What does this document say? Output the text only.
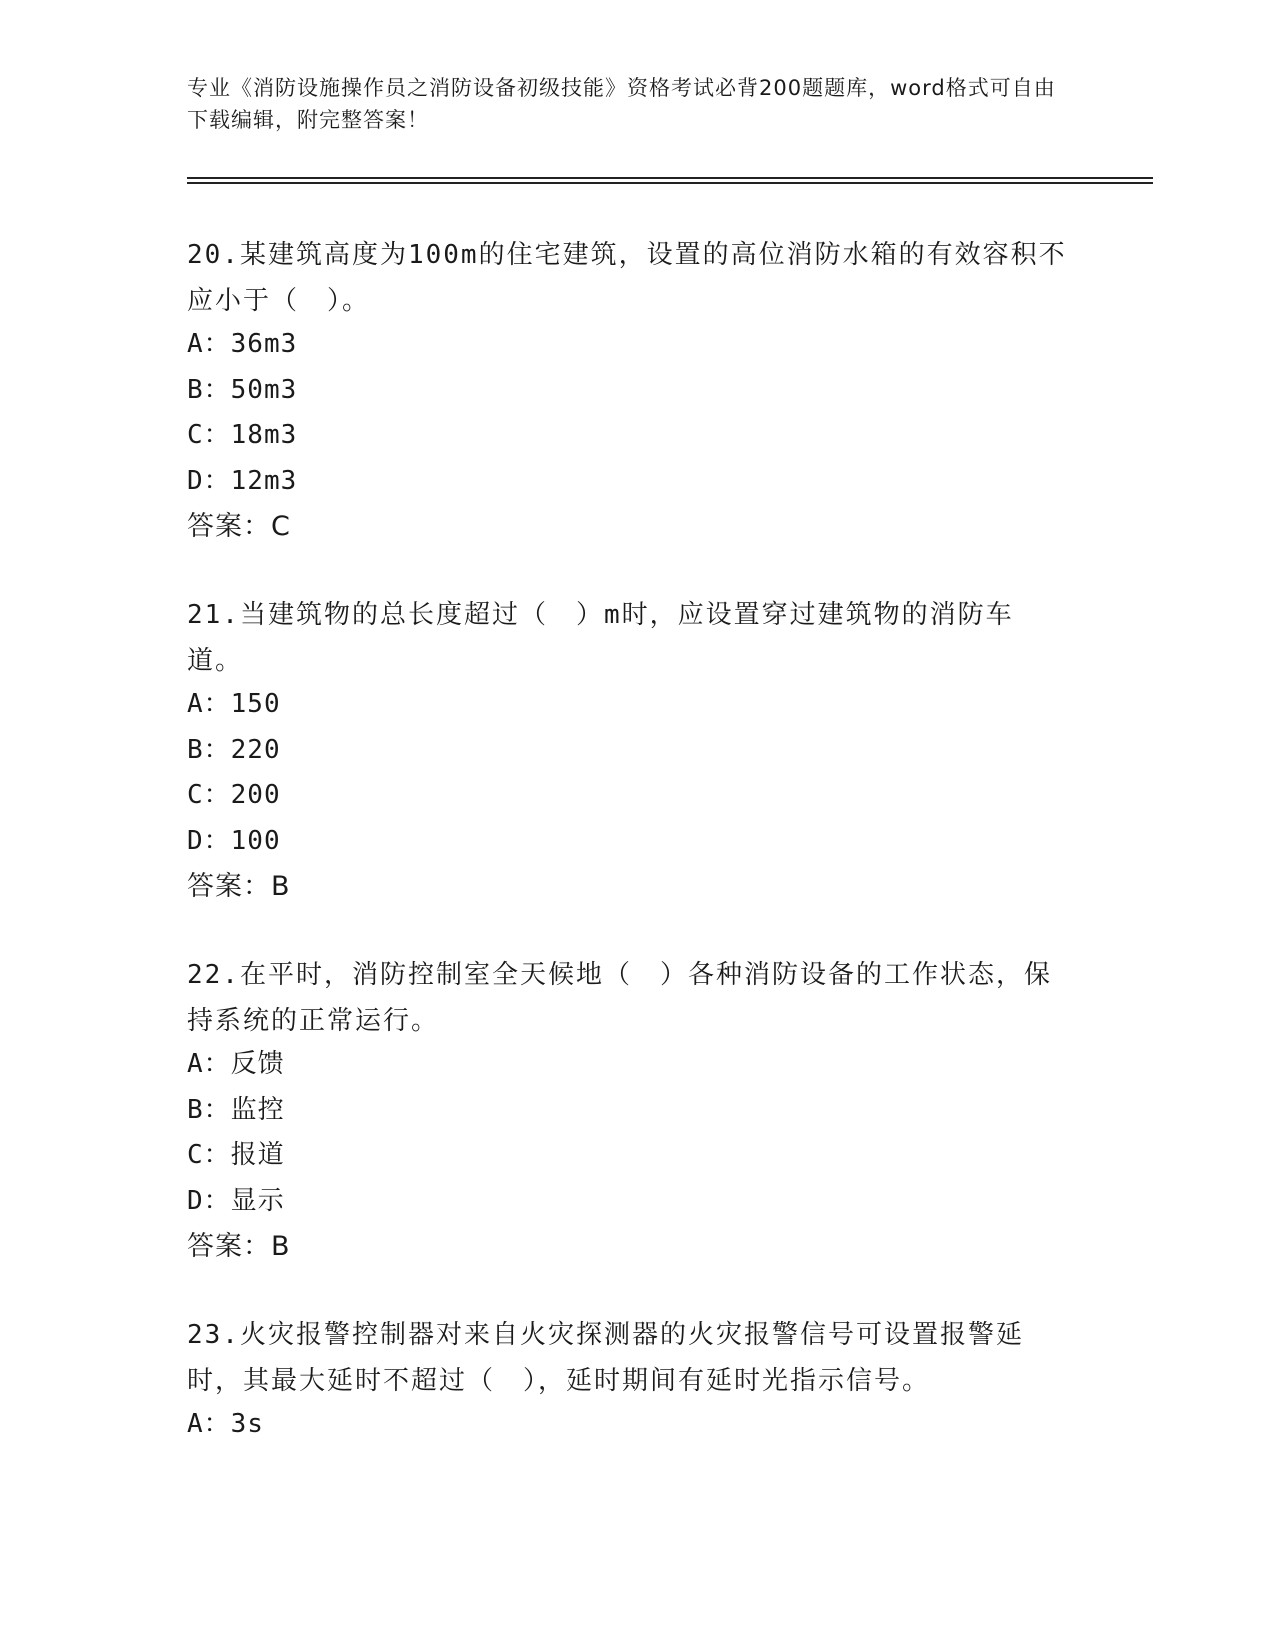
专业《消防设施操作员之消防设备初级技能》资格考试必背200题题库，word格式可自由下载编辑，附完整答案！
20.某建筑高度为100m的住宅建筑，设置的高位消防水箱的有效容积不应小于（　）。
A：36m3
B：50m3
C：18m3
D：12m3
答案：C
21.当建筑物的总长度超过（　）m时，应设置穿过建筑物的消防车道。
A：150
B：220
C：200
D：100
答案：B
22.在平时，消防控制室全天候地（　）各种消防设备的工作状态，保持系统的正常运行。
A：反馈
B：监控
C：报道
D：显示
答案：B
23.火灾报警控制器对来自火灾探测器的火灾报警信号可设置报警延时，其最大延时不超过（　），延时期间有延时光指示信号。
A：3s
